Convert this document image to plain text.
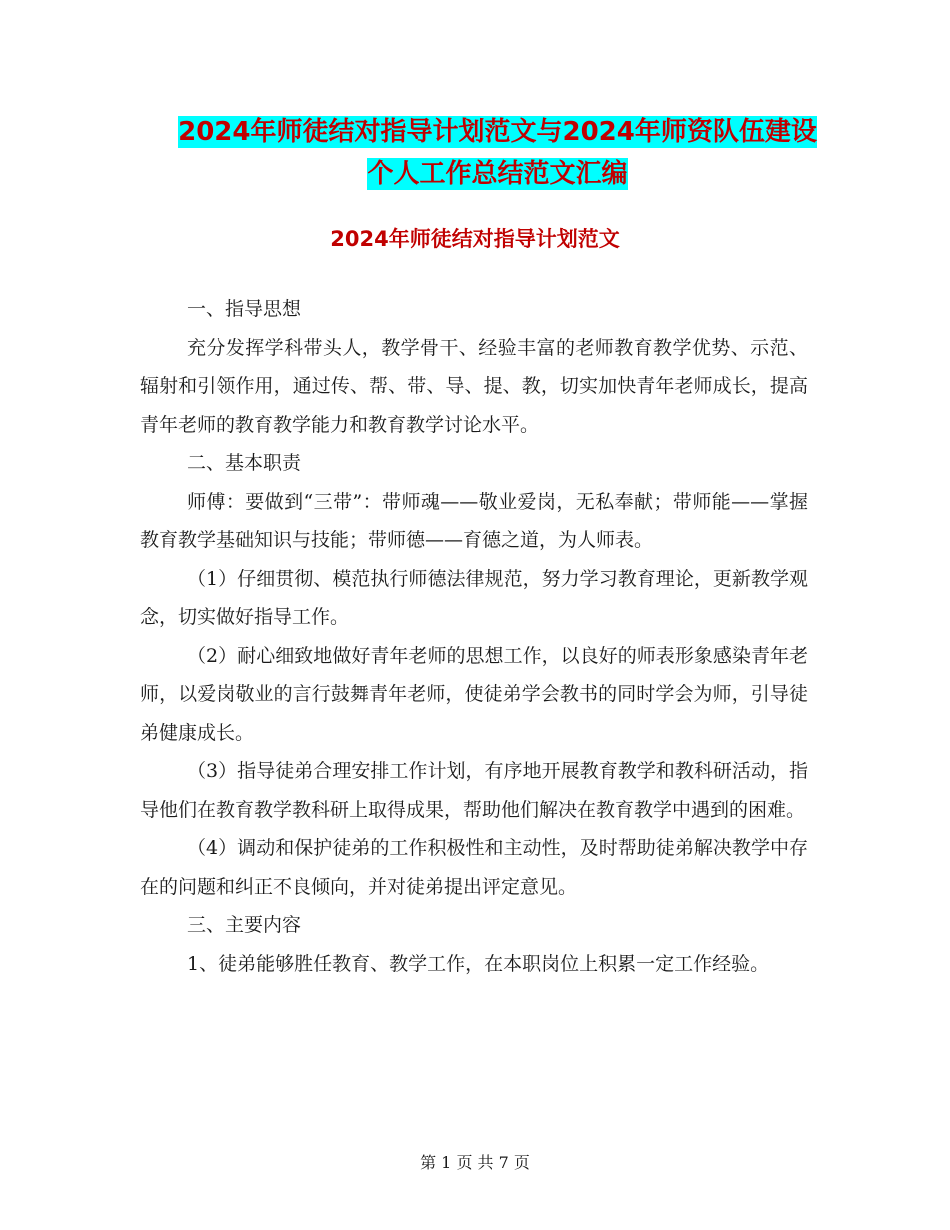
2024年师徒结对指导计划范文与2024年师资队伍建设
个人工作总结范文汇编
2024年师徒结对指导计划范文

一、指导思想

充分发挥学科带头人，教学骨干、经验丰富的老师教育教学优势、示范、辐射和引领作用，通过传、帮、带、导、提、教，切实加快青年老师成长，提高青年老师的教育教学能力和教育教学讨论水平。

二、基本职责

师傅：要做到“三带”：带师魂——敬业爱岗，无私奉献；带师能——掌握教育教学基础知识与技能；带师德——育德之道，为人师表。

（1）仔细贯彻、模范执行师德法律规范，努力学习教育理论，更新教学观念，切实做好指导工作。

（2）耐心细致地做好青年老师的思想工作，以良好的师表形象感染青年老师，以爱岗敬业的言行鼓舞青年老师，使徒弟学会教书的同时学会为师，引导徒弟健康成长。

（3）指导徒弟合理安排工作计划，有序地开展教育教学和教科研活动，指导他们在教育教学教科研上取得成果，帮助他们解决在教育教学中遇到的困难。

（4）调动和保护徒弟的工作积极性和主动性，及时帮助徒弟解决教学中存在的问题和纠正不良倾向，并对徒弟提出评定意见。

三、主要内容

1、徒弟能够胜任教育、教学工作，在本职岗位上积累一定工作经验。

第 1 页 共 7 页
